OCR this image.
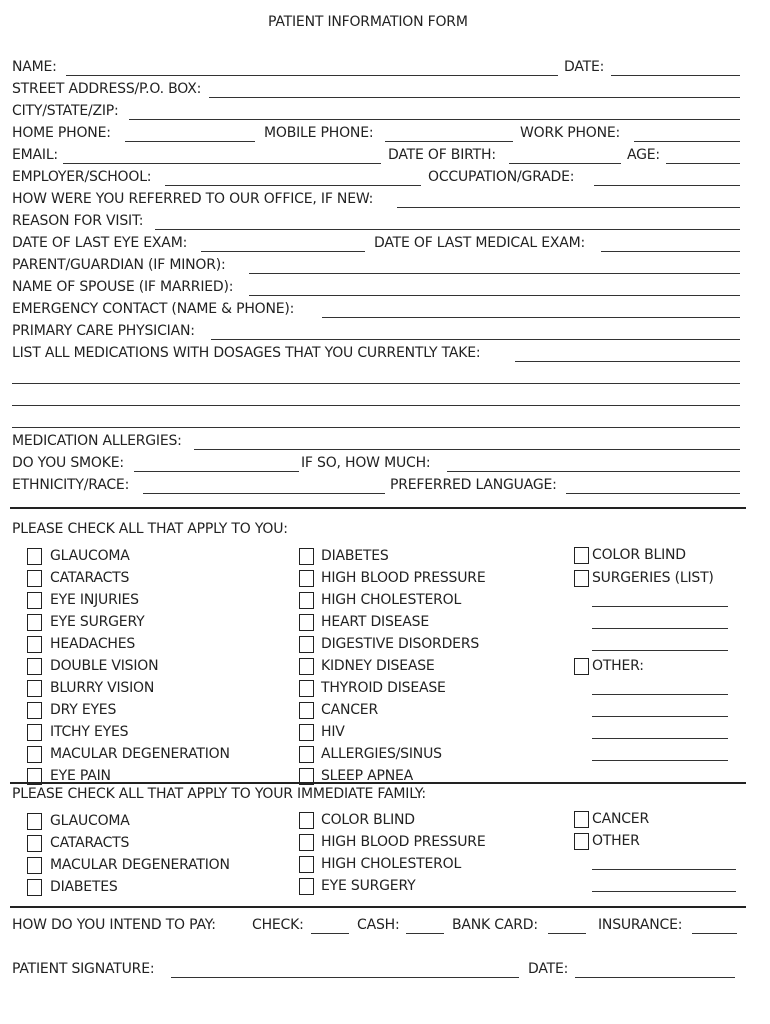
PATIENT INFORMATION FORM
NAME:	DATE:
STREET ADDRESS/P.O. BOX:
CITY/STATE/ZIP:
HOME PHONE:	MOBILE PHONE:	WORK PHONE:
EMAIL:	DATE OF BIRTH:	AGE:
EMPLOYER/SCHOOL:	OCCUPATION/GRADE:
HOW WERE YOU REFERRED TO OUR OFFICE, IF NEW:
REASON FOR VISIT:
DATE OF LAST EYE EXAM:	DATE OF LAST MEDICAL EXAM:
PARENT/GUARDIAN (IF MINOR):
NAME OF SPOUSE (IF MARRIED):
EMERGENCY CONTACT (NAME & PHONE):
PRIMARY CARE PHYSICIAN:
LIST ALL MEDICATIONS WITH DOSAGES THAT YOU CURRENTLY TAKE:
MEDICATION ALLERGIES:
DO YOU SMOKE:	IF SO, HOW MUCH:
ETHNICITY/RACE:	PREFERRED LANGUAGE:
PLEASE CHECK ALL THAT APPLY TO YOU:
GLAUCOMA
CATARACTS
EYE INJURIES
EYE SURGERY
HEADACHES
DOUBLE VISION
BLURRY VISION
DRY EYES
ITCHY EYES
MACULAR DEGENERATION
EYE PAIN
DIABETES
HIGH BLOOD PRESSURE
HIGH CHOLESTEROL
HEART DISEASE
DIGESTIVE DISORDERS
KIDNEY DISEASE
THYROID DISEASE
CANCER
HIV
ALLERGIES/SINUS
SLEEP APNEA
COLOR BLIND
SURGERIES (LIST)
OTHER:
PLEASE CHECK ALL THAT APPLY TO YOUR IMMEDIATE FAMILY:
GLAUCOMA
CATARACTS
MACULAR DEGENERATION
DIABETES
COLOR BLIND
HIGH BLOOD PRESSURE
HIGH CHOLESTEROL
EYE SURGERY
CANCER
OTHER
HOW DO YOU INTEND TO PAY:	CHECK:	CASH:	BANK CARD:	INSURANCE:
PATIENT SIGNATURE:	DATE:
